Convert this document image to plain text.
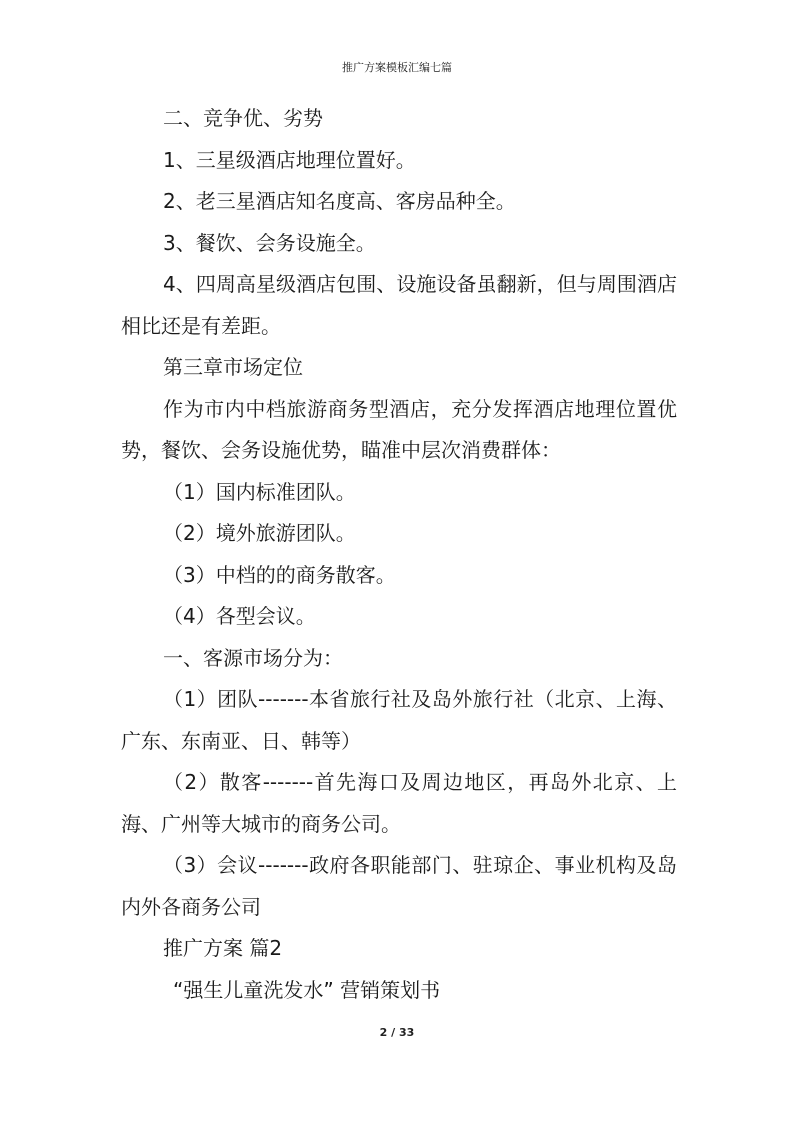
推广方案模板汇编七篇

二、竞争优、劣势

1、三星级酒店地理位置好。

2、老三星酒店知名度高、客房品种全。

3、餐饮、会务设施全。

4、四周高星级酒店包围、设施设备虽翻新，但与周围酒店相比还是有差距。

第三章市场定位

作为市内中档旅游商务型酒店，充分发挥酒店地理位置优势，餐饮、会务设施优势，瞄准中层次消费群体：

（1）国内标准团队。

（2）境外旅游团队。

（3）中档的的商务散客。

（4）各型会议。

一、客源市场分为：

（1）团队-------本省旅行社及岛外旅行社（北京、上海、广东、东南亚、日、韩等）

（2）散客-------首先海口及周边地区，再岛外北京、上海、广州等大城市的商务公司。

（3）会议-------政府各职能部门、驻琼企、事业机构及岛内外各商务公司

推广方案 篇2

“强生儿童洗发水” 营销策划书

2 / 33
